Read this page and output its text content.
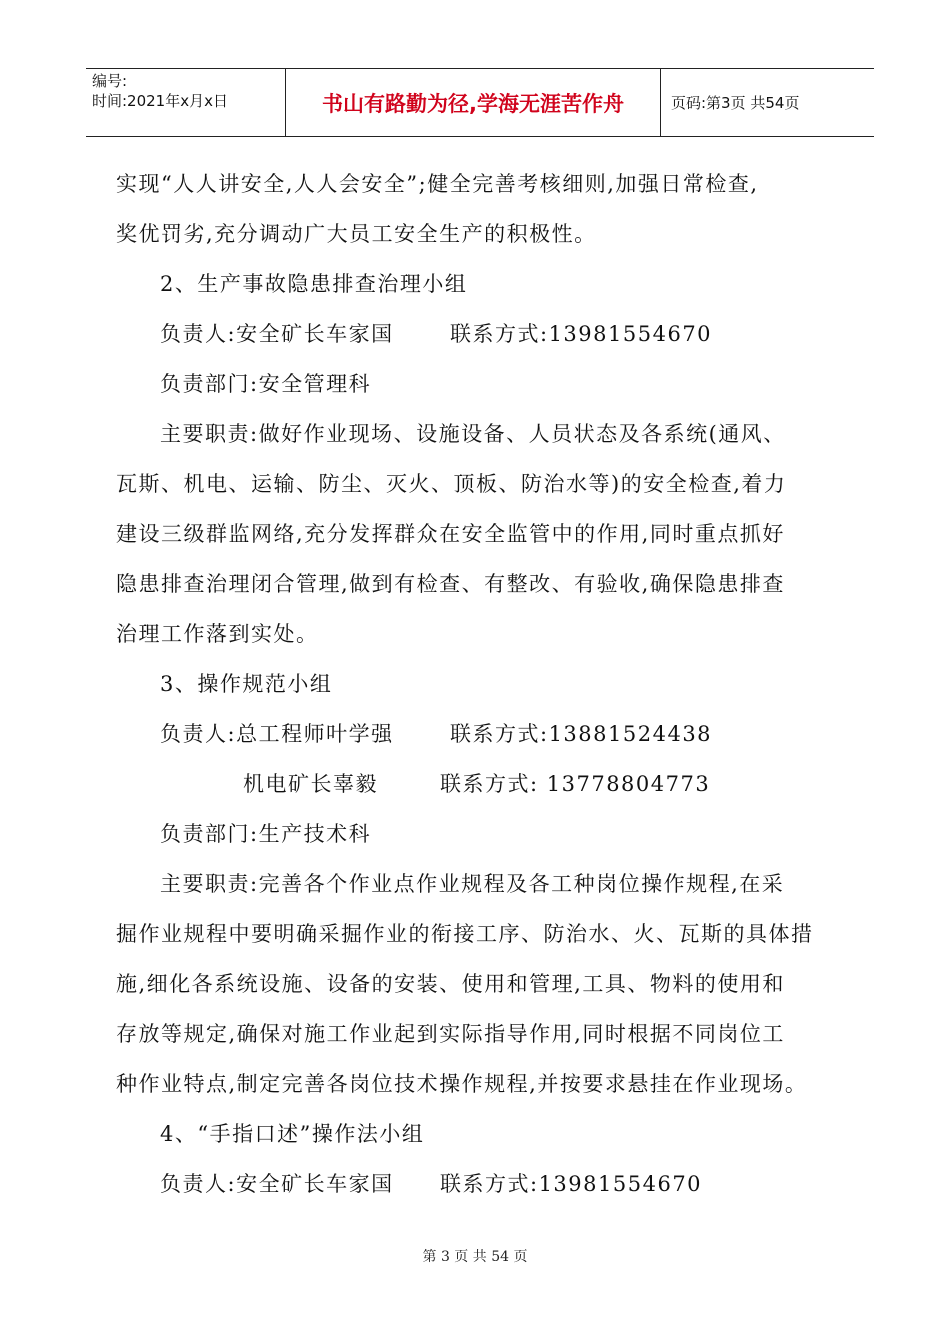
编号:
时间:2021年x月x日	书山有路勤为径,学海无涯苦作舟	页码:第3页 共54页

实现“人人讲安全,人人会安全”;健全完善考核细则,加强日常检查,

奖优罚劣,充分调动广大员工安全生产的积极性。

2、生产事故隐患排查治理小组

负责人:安全矿长车家国	联系方式:13981554670

负责部门:安全管理科

主要职责:做好作业现场、设施设备、人员状态及各系统(通风、

瓦斯、机电、运输、防尘、灭火、顶板、防治水等)的安全检查,着力

建设三级群监网络,充分发挥群众在安全监管中的作用,同时重点抓好

隐患排查治理闭合管理,做到有检查、有整改、有验收,确保隐患排查

治理工作落到实处。

3、操作规范小组

负责人:总工程师叶学强	联系方式:13881524438
机电矿长辜毅	联系方式: 13778804773

负责部门:生产技术科

主要职责:完善各个作业点作业规程及各工种岗位操作规程,在采

掘作业规程中要明确采掘作业的衔接工序、防治水、火、瓦斯的具体措

施,细化各系统设施、设备的安装、使用和管理,工具、物料的使用和

存放等规定,确保对施工作业起到实际指导作用,同时根据不同岗位工

种作业特点,制定完善各岗位技术操作规程,并按要求悬挂在作业现场。

4、“手指口述”操作法小组

负责人:安全矿长车家国 联系方式:13981554670
第 3 页 共 54 页
